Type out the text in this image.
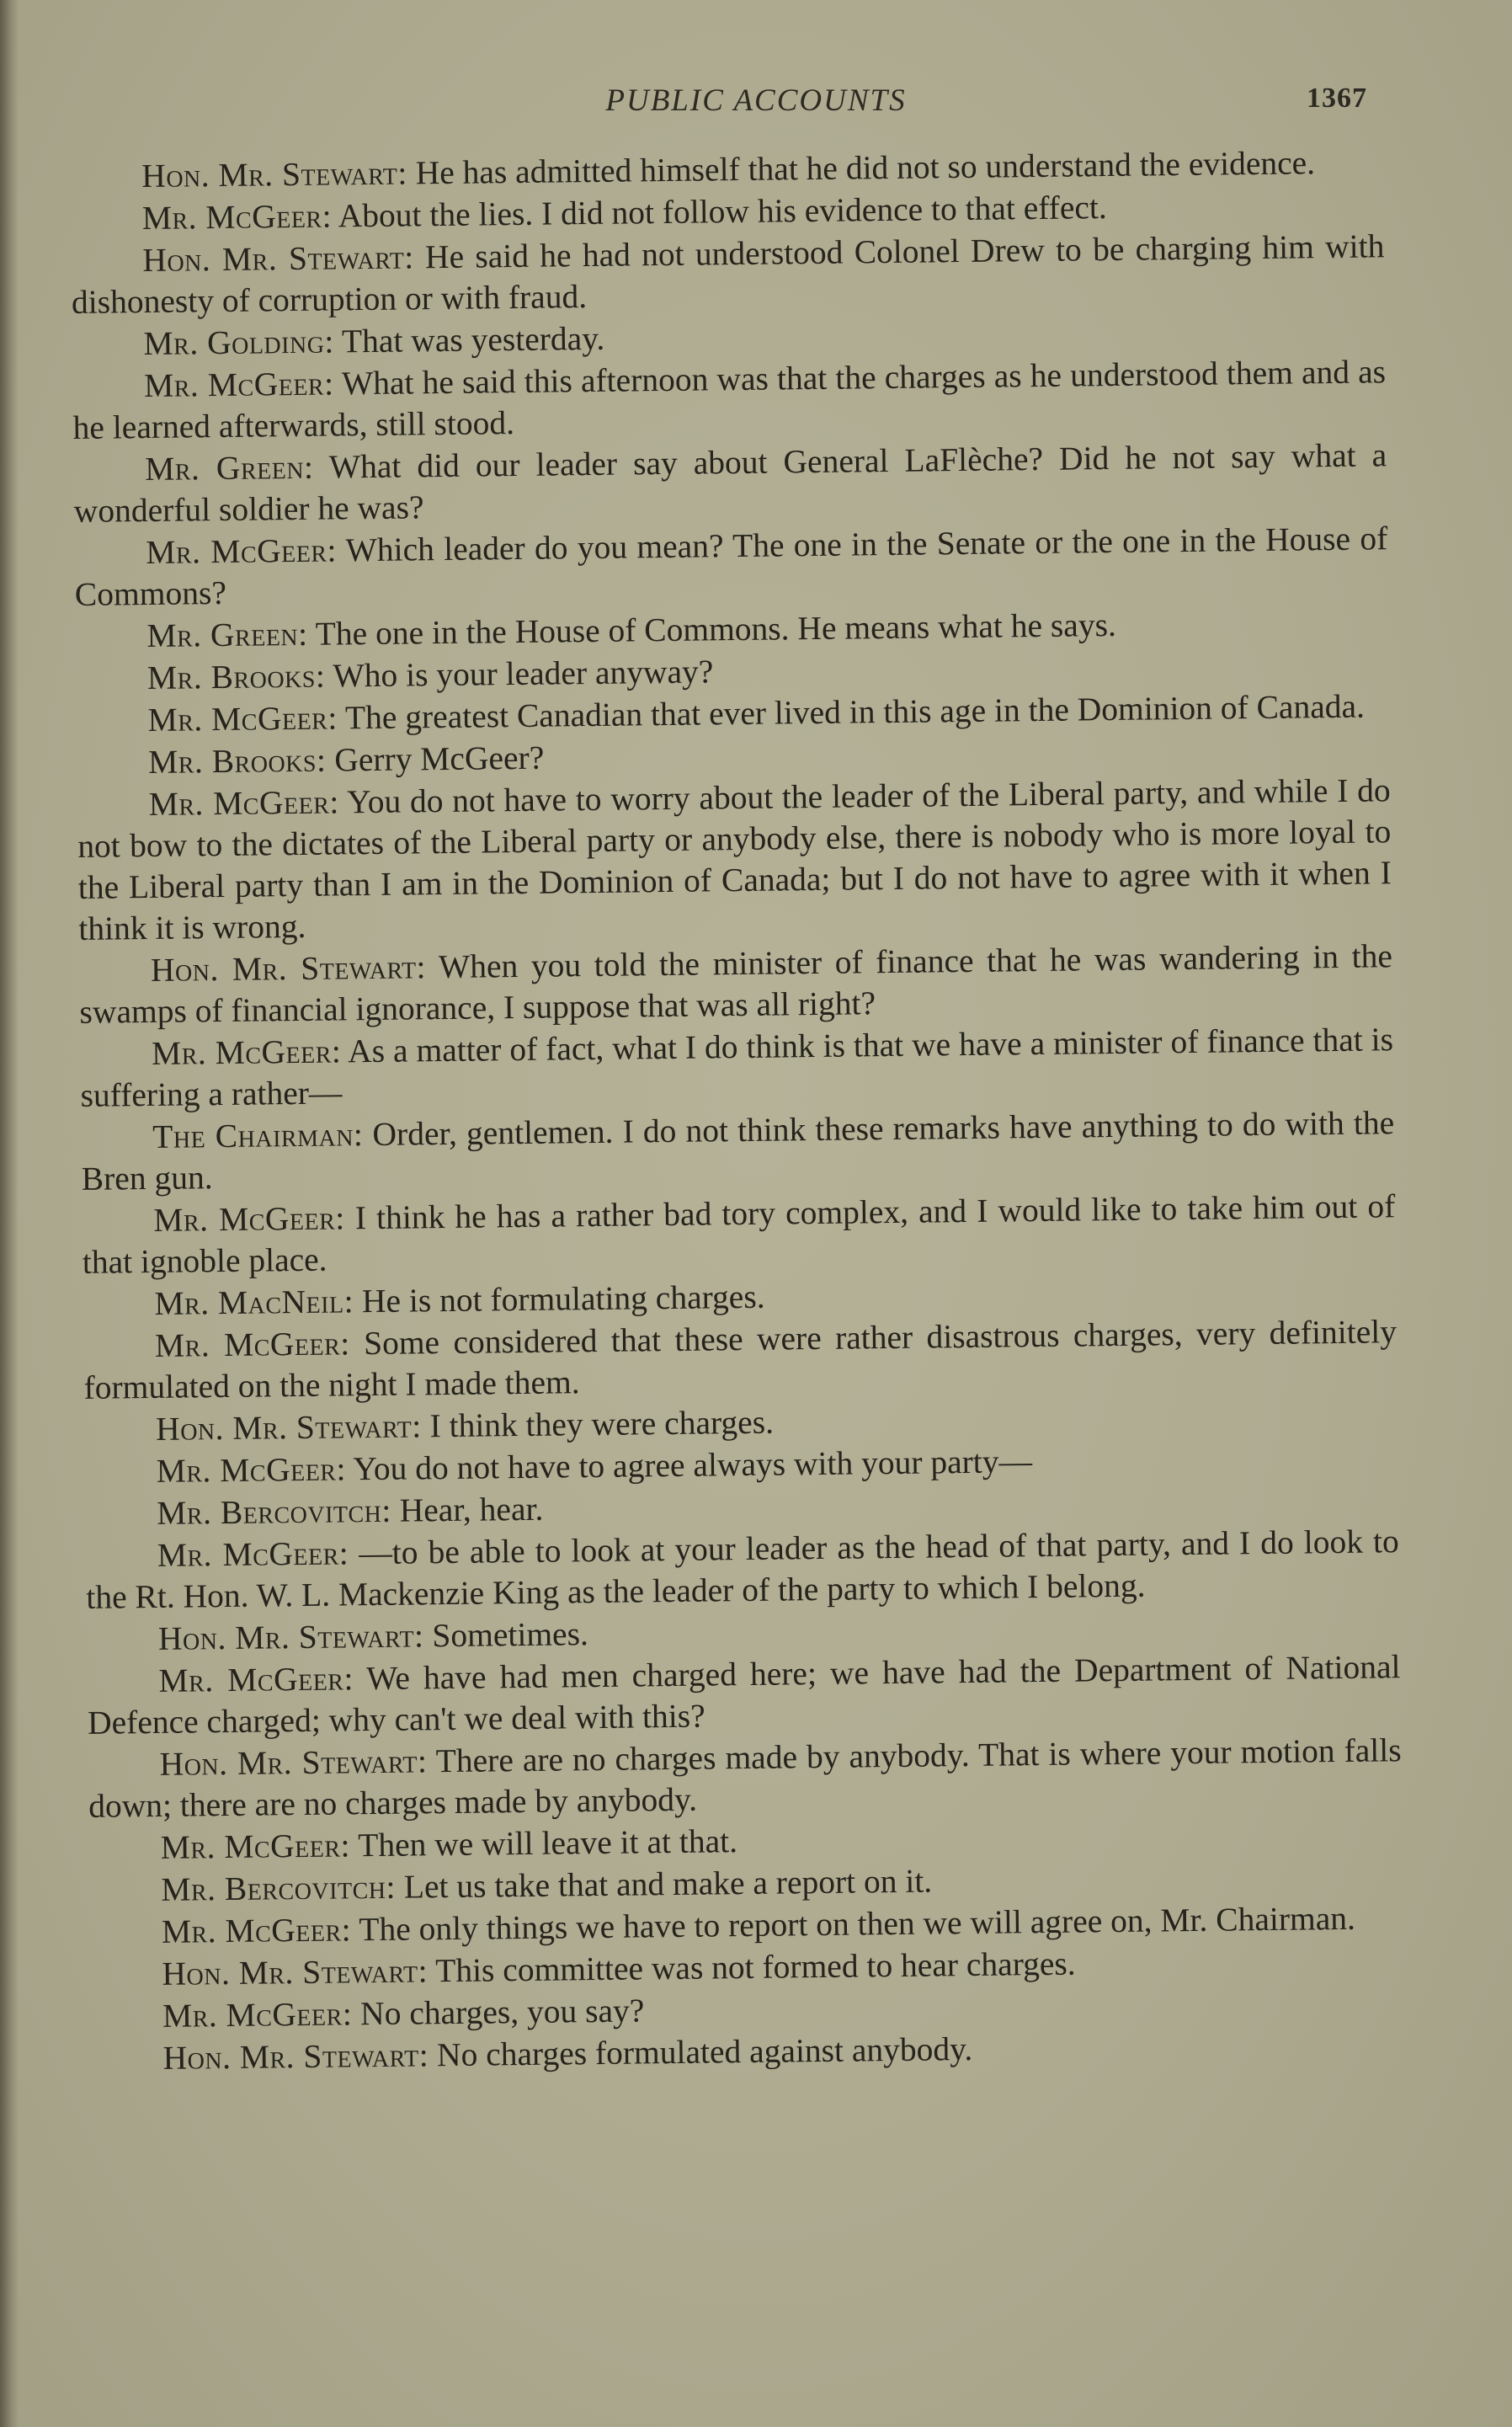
PUBLIC ACCOUNTS	1367

Hon. Mr. Stewart: He has admitted himself that he did not so understand the evidence.

Mr. McGeer: About the lies. I did not follow his evidence to that effect.

Hon. Mr. Stewart: He said he had not understood Colonel Drew to be charging him with dishonesty of corruption or with fraud.

Mr. Golding: That was yesterday.

Mr. McGeer: What he said this afternoon was that the charges as he understood them and as he learned afterwards, still stood.

Mr. Green: What did our leader say about General LaFlèche? Did he not say what a wonderful soldier he was?

Mr. McGeer: Which leader do you mean? The one in the Senate or the one in the House of Commons?

Mr. Green: The one in the House of Commons. He means what he says.

Mr. Brooks: Who is your leader anyway?

Mr. McGeer: The greatest Canadian that ever lived in this age in the Dominion of Canada.

Mr. Brooks: Gerry McGeer?

Mr. McGeer: You do not have to worry about the leader of the Liberal party, and while I do not bow to the dictates of the Liberal party or anybody else, there is nobody who is more loyal to the Liberal party than I am in the Dominion of Canada; but I do not have to agree with it when I think it is wrong.

Hon. Mr. Stewart: When you told the minister of finance that he was wandering in the swamps of financial ignorance, I suppose that was all right?

Mr. McGeer: As a matter of fact, what I do think is that we have a minister of finance that is suffering a rather—

The Chairman: Order, gentlemen. I do not think these remarks have anything to do with the Bren gun.

Mr. McGeer: I think he has a rather bad tory complex, and I would like to take him out of that ignoble place.

Mr. MacNeil: He is not formulating charges.

Mr. McGeer: Some considered that these were rather disastrous charges, very definitely formulated on the night I made them.

Hon. Mr. Stewart: I think they were charges.

Mr. McGeer: You do not have to agree always with your party—

Mr. Bercovitch: Hear, hear.

Mr. McGeer: —to be able to look at your leader as the head of that party, and I do look to the Rt. Hon. W. L. Mackenzie King as the leader of the party to which I belong.

Hon. Mr. Stewart: Sometimes.

Mr. McGeer: We have had men charged here; we have had the Department of National Defence charged; why can't we deal with this?

Hon. Mr. Stewart: There are no charges made by anybody. That is where your motion falls down; there are no charges made by anybody.

Mr. McGeer: Then we will leave it at that.

Mr. Bercovitch: Let us take that and make a report on it.

Mr. McGeer: The only things we have to report on then we will agree on, Mr. Chairman.

Hon. Mr. Stewart: This committee was not formed to hear charges.

Mr. McGeer: No charges, you say?

Hon. Mr. Stewart: No charges formulated against anybody.
